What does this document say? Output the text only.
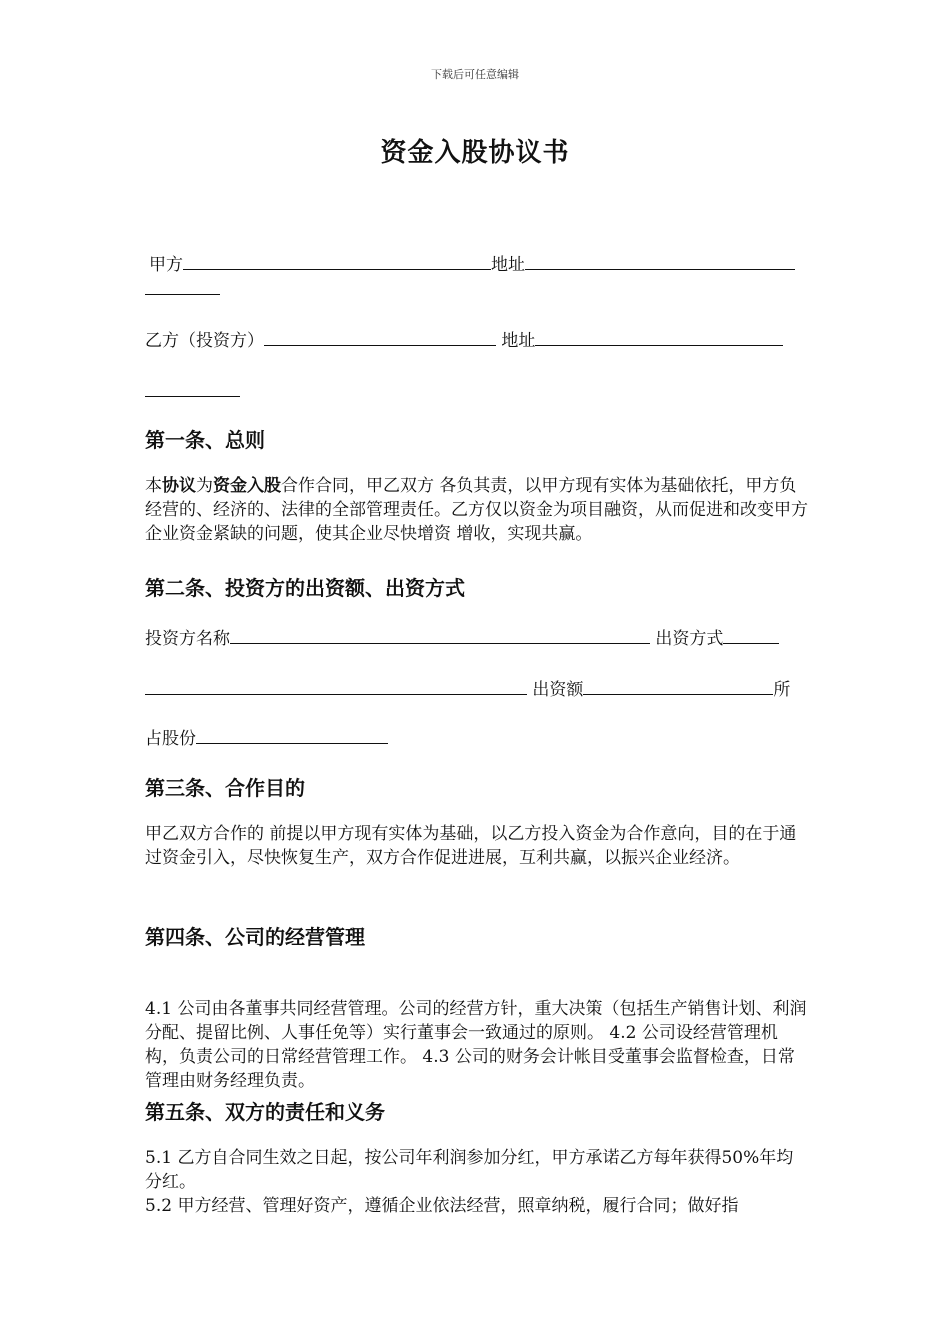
下载后可任意编辑
资金入股协议书
甲方	地址
乙方（投资方）	地址
第一条、总则
本协议为资金入股合作合同，甲乙双方 各负其责，以甲方现有实体为基础依托，甲方负经营的、经济的、法律的全部管理责任。乙方仅以资金为项目融资，从而促进和改变甲方企业资金紧缺的问题，使其企业尽快增资 增收，实现共赢。
第二条、投资方的出资额、出资方式
投资方名称	出资方式
出资额	所
占股份
第三条、合作目的
甲乙双方合作的 前提以甲方现有实体为基础，以乙方投入资金为合作意向，目的在于通过资金引入，尽快恢复生产，双方合作促进进展，互利共赢，以振兴企业经济。
第四条、公司的经营管理
4.1 公司由各董事共同经营管理。公司的经营方针，重大决策（包括生产销售计划、利润分配、提留比例、人事任免等）实行董事会一致通过的原则。 4.2 公司设经营管理机构，负责公司的日常经营管理工作。 4.3 公司的财务会计帐目受董事会监督检查，日常管理由财务经理负责。
第五条、双方的责任和义务
5.1 乙方自合同生效之日起，按公司年利润参加分红，甲方承诺乙方每年获得50%年均分红。
5.2 甲方经营、管理好资产，遵循企业依法经营，照章纳税，履行合同；做好指
